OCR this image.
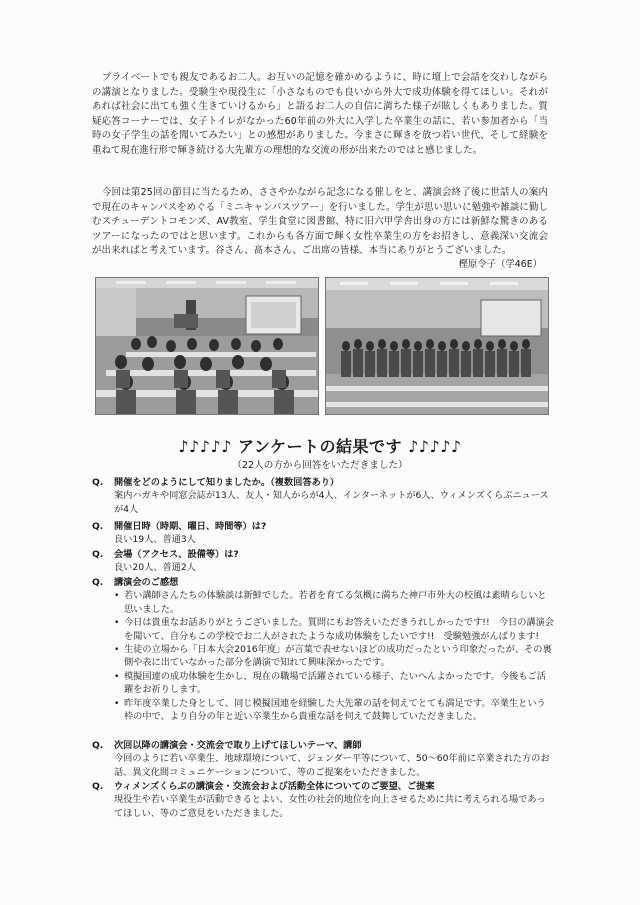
プライベートでも親友であるお二人。お互いの記憶を確かめるように、時に壇上で会話を交わしながらの講演となりました。受験生や現役生に「小さなものでも良いから外大で成功体験を得てほしい。それがあれば社会に出ても強く生きていけるから」と語るお二人の自信に満ちた様子が眩しくもありました。質疑応答コーナーでは、女子トイレがなかった60年前の外大に入学した卒業生の話に、若い参加者から「当時の女子学生の話を聞いてみたい」との感想がありました。今まさに輝きを放つ若い世代、そして経験を重ねて現在進行形で輝き続ける大先輩方の理想的な交流の形が出来たのではと感じました。

今回は第25回の節目に当たるため、ささやかながら記念になる催しをと、講演会終了後に世話人の案内で現在のキャンパスをめぐる「ミニキャンパスツアー」を行いました。学生が思い思いに勉強や雑談に勤しむスチューデントコモンズ、AV教室、学生食堂に図書館、特に旧六甲学舎出身の方には新鮮な驚きのあるツアーになったのではと思います。これからも各方面で輝く女性卒業生の方をお招きし、意義深い交流会が出来ればと考えています。谷さん、髙本さん、ご出席の皆様、本当にありがとうございました。

樫原令子（学46E）
♪♪♪♪♪ アンケートの結果です ♪♪♪♪♪
（22人の方から回答をいただきました）
Q.	開催をどのようにして知りましたか。（複数回答あり）
案内ハガキや同窓会誌が13人、友人・知人からが4人、インターネットが6人、ウィメンズくらぶニュースが4人
Q.	開催日時（時期、曜日、時間等）は?
良い19人、普通3人
Q.	会場（アクセス、設備等）は?
良い20人、普通2人
Q.	講演会のご感想
• 若い講師さんたちの体験談は新鮮でした。若者を育てる気概に満ちた神戸市外大の校風は素晴らしいと思いました。
• 今日は貴重なお話ありがとうございました。質問にもお答えいただきうれしかったです!!　今日の講演会を聞いて、自分もこの学校でお二人がされたような成功体験をしたいです!!　受験勉強がんばります!
• 生徒の立場から「日本大会2016年度」が言葉で表せないほどの成功だったという印象だったが、その裏側や表に出ていなかった部分を講演で知れて興味深かったです。
• 模擬国連の成功体験を生かし、現在の職場で活躍されている様子、たいへんよかったです。今後もご活躍をお祈りします。
• 昨年度卒業した身として、同じ模擬国連を経験した大先輩の話を伺えてとても満足です。卒業生という枠の中で、より自分の年と近い卒業生から貴重な話を伺えて鼓舞していただきました。
Q.	次回以降の講演会・交流会で取り上げてほしいテーマ、講師
今回のように若い卒業生、地球環境について、ジェンダー平等について、50～60年前に卒業された方のお話、異文化間コミュニケーションについて、等のご提案をいただきました。
Q.	ウィメンズくらぶの講演会・交流会および活動全体についてのご要望、ご提案
現役生や若い卒業生が活動できるとよい、女性の社会的地位を向上させるために共に考えられる場であってほしい、等のご意見をいただきました。
